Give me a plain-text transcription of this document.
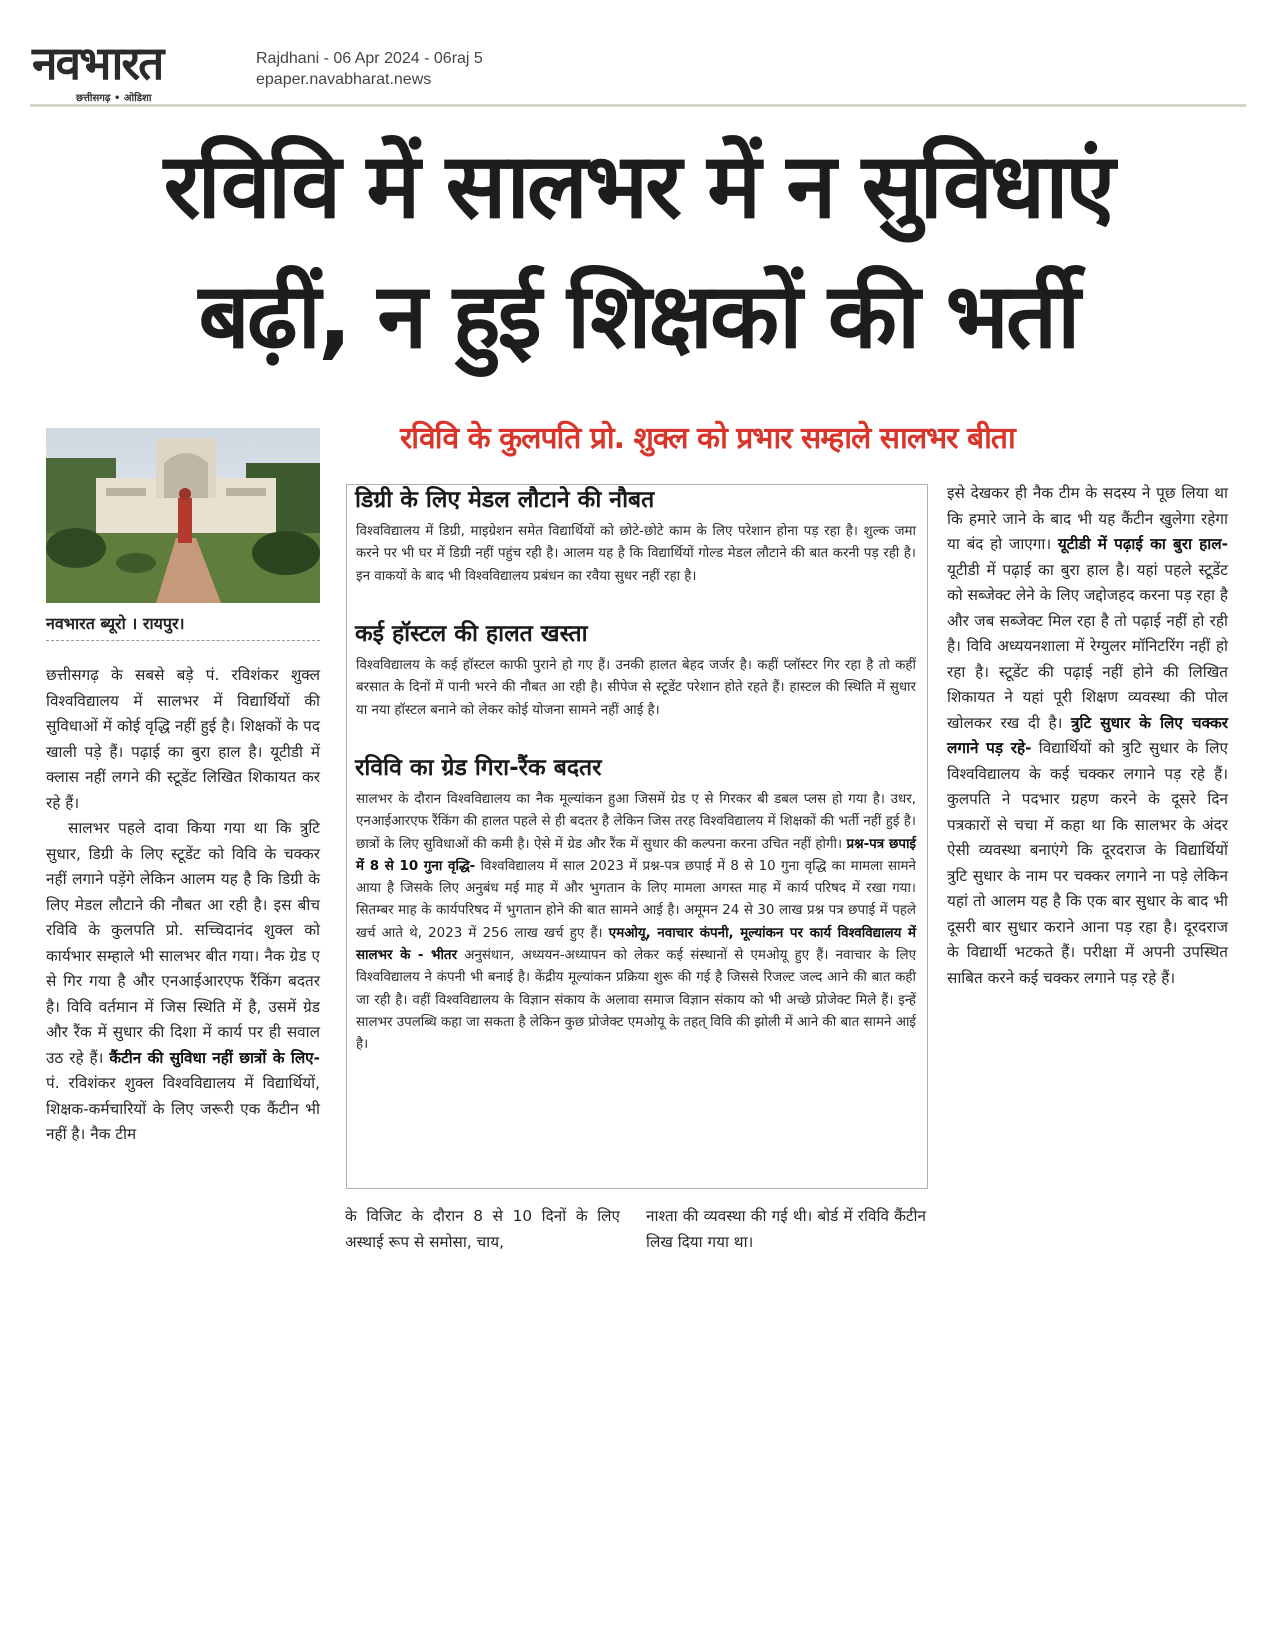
नवभारत
छत्तीसगढ़ • ओडिशा
Rajdhani - 06 Apr 2024 - 06raj 5
epaper.navabharat.news
रविवि में सालभर में न सुविधाएं
बढ़ीं, न हुई शिक्षकों की भर्ती
रविवि के कुलपति प्रो. शुक्ल को प्रभार सम्हाले सालभर बीता
नवभारत ब्यूरो । रायपुर।

छत्तीसगढ़ के सबसे बड़े पं. रविशंकर शुक्ल विश्वविद्यालय में सालभर में विद्यार्थियों की सुविधाओं में कोई वृद्धि नहीं हुई है। शिक्षकों के पद खाली पड़े हैं। पढ़ाई का बुरा हाल है। यूटीडी में क्लास नहीं लगने की स्टूडेंट लिखित शिकायत कर रहे हैं।

सालभर पहले दावा किया गया था कि त्रुटि सुधार, डिग्री के लिए स्टूडेंट को विवि के चक्कर नहीं लगाने पड़ेंगे लेकिन आलम यह है कि डिग्री के लिए मेडल लौटाने की नौबत आ रही है। इस बीच रविवि के कुलपति प्रो. सच्चिदानंद शुक्ल को कार्यभार सम्हाले भी सालभर बीत गया। नैक ग्रेड ए से गिर गया है और एनआईआरएफ रैंकिंग बदतर है। विवि वर्तमान में जिस स्थिति में है, उसमें ग्रेड और रैंक में सुधार की दिशा में कार्य पर ही सवाल उठ रहे हैं। कैंटीन की सुविधा नहीं छात्रों के लिए- पं. रविशंकर शुक्ल विश्वविद्यालय में विद्यार्थियों, शिक्षक-कर्मचारियों के लिए जरूरी एक कैंटीन भी नहीं है। नैक टीम

डिग्री के लिए मेडल लौटाने की नौबत

विश्वविद्यालय में डिग्री, माइग्रेशन समेत विद्यार्थियों को छोटे-छोटे काम के लिए परेशान होना पड़ रहा है। शुल्क जमा करने पर भी घर में डिग्री नहीं पहुंच रही है। आलम यह है कि विद्यार्थियों गोल्ड मेडल लौटाने की बात करनी पड़ रही है। इन वाकयों के बाद भी विश्वविद्यालय प्रबंधन का रवैया सुधर नहीं रहा है।

कई हॉस्टल की हालत खस्ता

विश्वविद्यालय के कई हॉस्टल काफी पुराने हो गए हैं। उनकी हालत बेहद जर्जर है। कहीं प्लॉस्टर गिर रहा है तो कहीं बरसात के दिनों में पानी भरने की नौबत आ रही है। सीपेज से स्टूडेंट परेशान होते रहते हैं। हास्टल की स्थिति में सुधार या नया हॉस्टल बनाने को लेकर कोई योजना सामने नहीं आई है।

रविवि का ग्रेड गिरा-रैंक बदतर

सालभर के दौरान विश्वविद्यालय का नैक मूल्यांकन हुआ जिसमें ग्रेड ए से गिरकर बी डबल प्लस हो गया है। उधर, एनआईआरएफ रैंकिंग की हालत पहले से ही बदतर है लेकिन जिस तरह विश्वविद्यालय में शिक्षकों की भर्ती नहीं हुई है। छात्रों के लिए सुविधाओं की कमी है। ऐसे में ग्रेड और रैंक में सुधार की कल्पना करना उचित नहीं होगी। प्रश्न-पत्र छपाई में 8 से 10 गुना वृद्धि- विश्वविद्यालय में साल 2023 में प्रश्न-पत्र छपाई में 8 से 10 गुना वृद्धि का मामला सामने आया है जिसके लिए अनुबंध मई माह में और भुगतान के लिए मामला अगस्त माह में कार्य परिषद में रखा गया। सितम्बर माह के कार्यपरिषद में भुगतान होने की बात सामने आई है। अमूमन 24 से 30 लाख प्रश्न पत्र छपाई में पहले खर्च आते थे, 2023 में 256 लाख खर्च हुए हैं। एमओयू, नवाचार कंपनी, मूल्यांकन पर कार्य विश्वविद्यालय में सालभर के - भीतर अनुसंधान, अध्ययन-अध्यापन को लेकर कई संस्थानों से एमओयू हुए हैं। नवाचार के लिए विश्वविद्यालय ने कंपनी भी बनाई है। केंद्रीय मूल्यांकन प्रक्रिया शुरू की गई है जिससे रिजल्ट जल्द आने की बात कही जा रही है। वहीं विश्वविद्यालय के विज्ञान संकाय के अलावा समाज विज्ञान संकाय को भी अच्छे प्रोजेक्ट मिले हैं। इन्हें सालभर उपलब्धि कहा जा सकता है लेकिन कुछ प्रोजेक्ट एमओयू के तहत् विवि की झोली में आने की बात सामने आई है।

के विजिट के दौरान 8 से 10 दिनों के लिए अस्थाई रूप से समोसा, चाय,
नाश्ता की व्यवस्था की गई थी। बोर्ड में रविवि कैंटीन लिख दिया गया था।

इसे देखकर ही नैक टीम के सदस्य ने पूछ लिया था कि हमारे जाने के बाद भी यह कैंटीन खुलेगा रहेगा या बंद हो जाएगा। यूटीडी में पढ़ाई का बुरा हाल- यूटीडी में पढ़ाई का बुरा हाल है। यहां पहले स्टूडेंट को सब्जेक्ट लेने के लिए जद्दोजहद करना पड़ रहा है और जब सब्जेक्ट मिल रहा है तो पढ़ाई नहीं हो रही है। विवि अध्ययनशाला में रेग्युलर मॉनिटरिंग नहीं हो रहा है। स्टूडेंट की पढ़ाई नहीं होने की लिखित शिकायत ने यहां पूरी शिक्षण व्यवस्था की पोल खोलकर रख दी है। त्रुटि सुधार के लिए चक्कर लगाने पड़ रहे- विद्यार्थियों को त्रुटि सुधार के लिए विश्वविद्यालय के कई चक्कर लगाने पड़ रहे हैं। कुलपति ने पदभार ग्रहण करने के दूसरे दिन पत्रकारों से चचा में कहा था कि सालभर के अंदर ऐसी व्यवस्था बनाएंगे कि दूरदराज के विद्यार्थियों त्रुटि सुधार के नाम पर चक्कर लगाने ना पड़े लेकिन यहां तो आलम यह है कि एक बार सुधार के बाद भी दूसरी बार सुधार कराने आना पड़ रहा है। दूरदराज के विद्यार्थी भटकते हैं। परीक्षा में अपनी उपस्थित साबित करने कई चक्कर लगाने पड़ रहे हैं।
